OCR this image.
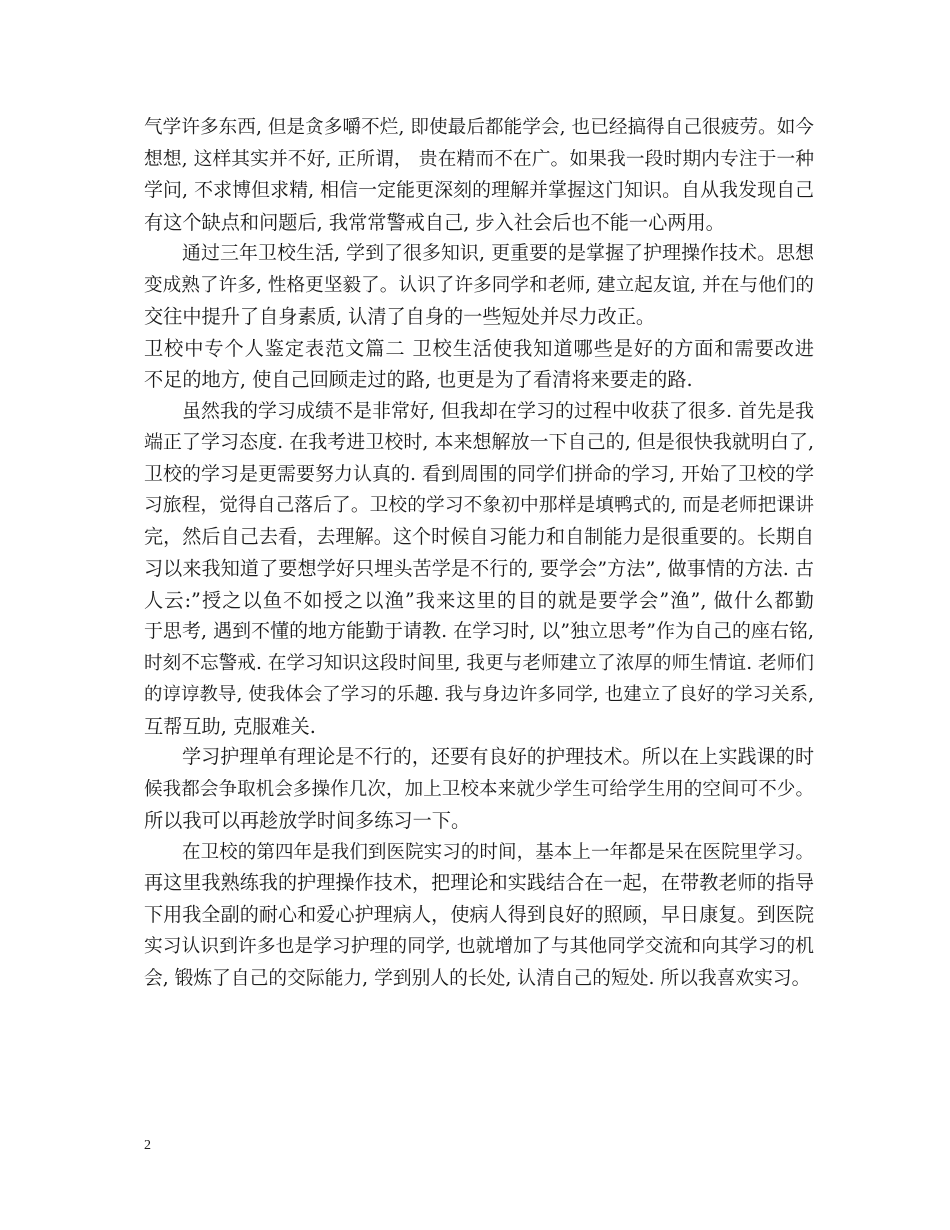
气学许多东西, 但是贪多嚼不烂, 即使最后都能学会, 也已经搞得自己很疲劳。如今
想想, 这样其实并不好, 正所谓， 贵在精而不在广。如果我一段时期内专注于一种
学问, 不求博但求精, 相信一定能更深刻的理解并掌握这门知识。自从我发现自己
有这个缺点和问题后, 我常常警戒自己, 步入社会后也不能一心两用。
通过三年卫校生活, 学到了很多知识, 更重要的是掌握了护理操作技术。思想
变成熟了许多, 性格更坚毅了。认识了许多同学和老师, 建立起友谊, 并在与他们的
交往中提升了自身素质, 认清了自身的一些短处并尽力改正。
卫校中专个人鉴定表范文篇二 卫校生活使我知道哪些是好的方面和需要改进
不足的地方, 使自己回顾走过的路, 也更是为了看清将来要走的路.
虽然我的学习成绩不是非常好, 但我却在学习的过程中收获了很多. 首先是我
端正了学习态度. 在我考进卫校时, 本来想解放一下自己的, 但是很快我就明白了,
卫校的学习是更需要努力认真的. 看到周围的同学们拼命的学习, 开始了卫校的学
习旅程，觉得自己落后了。卫校的学习不象初中那样是填鸭式的, 而是老师把课讲
完，然后自己去看，去理解。这个时候自习能力和自制能力是很重要的。长期自
习以来我知道了要想学好只埋头苦学是不行的, 要学会”方法”, 做事情的方法. 古
人云:”授之以鱼不如授之以渔”我来这里的目的就是要学会”渔”, 做什么都勤
于思考, 遇到不懂的地方能勤于请教. 在学习时, 以”独立思考”作为自己的座右铭,
时刻不忘警戒. 在学习知识这段时间里, 我更与老师建立了浓厚的师生情谊. 老师们
的谆谆教导, 使我体会了学习的乐趣. 我与身边许多同学, 也建立了良好的学习关系,
互帮互助, 克服难关.
学习护理单有理论是不行的，还要有良好的护理技术。所以在上实践课的时
候我都会争取机会多操作几次，加上卫校本来就少学生可给学生用的空间可不少。
所以我可以再趁放学时间多练习一下。
在卫校的第四年是我们到医院实习的时间，基本上一年都是呆在医院里学习。
再这里我熟练我的护理操作技术，把理论和实践结合在一起，在带教老师的指导
下用我全副的耐心和爱心护理病人，使病人得到良好的照顾，早日康复。到医院
实习认识到许多也是学习护理的同学, 也就增加了与其他同学交流和向其学习的机
会, 锻炼了自己的交际能力, 学到别人的长处, 认清自己的短处. 所以我喜欢实习。
2
